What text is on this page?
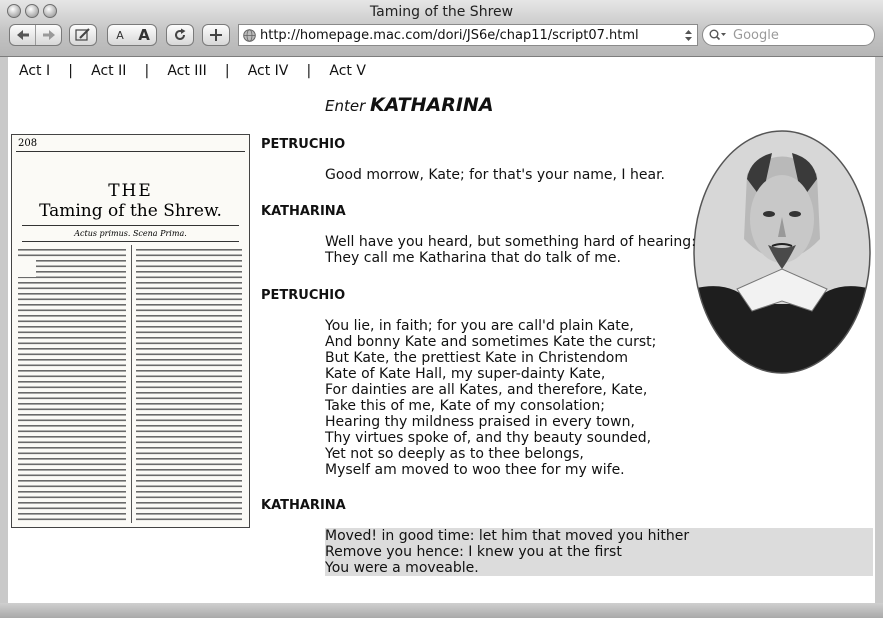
Taming of the Shrew
A A	http://homepage.mac.com/dori/JS6e/chap11/script07.html	Google
Act I | Act II | Act III | Act IV | Act V
Enter KATHARINA
208
THE
Taming of the Shrew.
Actus primus. Scena Prima.
PETRUCHIO
Good morrow, Kate; for that's your name, I hear.
KATHARINA
Well have you heard, but something hard of hearing:
They call me Katharina that do talk of me.
PETRUCHIO
You lie, in faith; for you are call'd plain Kate,
And bonny Kate and sometimes Kate the curst;
But Kate, the prettiest Kate in Christendom
Kate of Kate Hall, my super-dainty Kate,
For dainties are all Kates, and therefore, Kate,
Take this of me, Kate of my consolation;
Hearing thy mildness praised in every town,
Thy virtues spoke of, and thy beauty sounded,
Yet not so deeply as to thee belongs,
Myself am moved to woo thee for my wife.
KATHARINA
Moved! in good time: let him that moved you hither
Remove you hence: I knew you at the first
You were a moveable.
